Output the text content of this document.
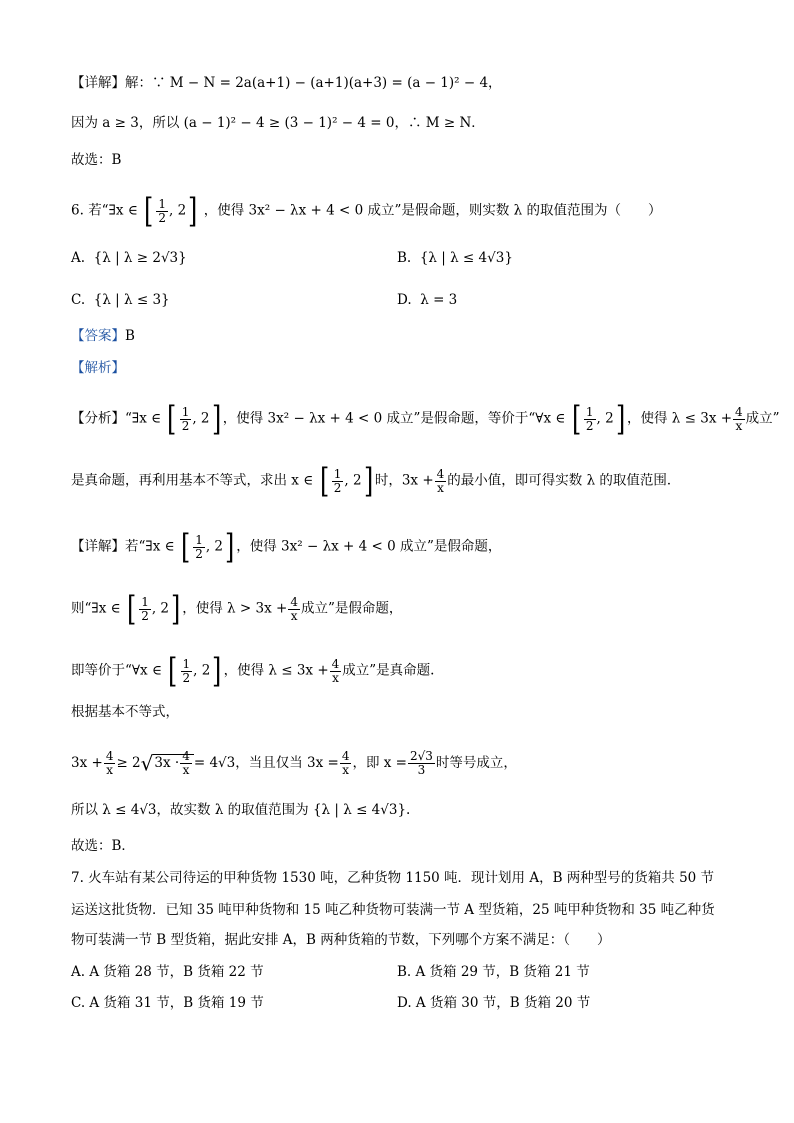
【详解】解：∵ M − N = 2a(a+1) − (a+1)(a+3) = (a − 1)² − 4，
因为 a ≥ 3，所以 (a − 1)² − 4 ≥ (3 − 1)² − 4 = 0，∴ M ≥ N．
故选：B
6. 若“∃x ∈ [ $\frac{1}{2}$ , 2] ，使得 3x² − λx + 4 < 0 成立”是假命题，则实数 λ 的取值范围为（　　）
A. {λ | λ ≥ 2√3}	B. {λ | λ ≤ 4√3}
C. {λ | λ ≤ 3}	D. λ = 3
【答案】B
【解析】
【分析】“∃x ∈ [ $\frac{1}{2}$ , 2] ，使得 3x² − λx + 4 < 0 成立”是假命题，等价于“∀x ∈ [ $\frac{1}{2}$ , 2] ，使得 $\lambda \le 3x + \frac{4}{x}$ 成立”
是真命题，再利用基本不等式，求出 x ∈ [ $\frac{1}{2}$ , 2] 时，$3x + \frac{4}{x}$ 的最小值，即可得实数 λ 的取值范围．
【详解】若“∃x ∈ [ $\frac{1}{2}$ , 2] ，使得 3x² − λx + 4 < 0 成立”是假命题，
则“∃x ∈ [ $\frac{1}{2}$ , 2] ，使得 $\lambda > 3x + \frac{4}{x}$ 成立”是假命题，
即等价于“∀x ∈ [ $\frac{1}{2}$ , 2] ，使得 $\lambda \le 3x + \frac{4}{x}$ 成立”是真命题.
根据基本不等式，
$3x + \frac{4}{x} \ge 2√3x \cdot \frac{4}{x} = 4√3$，当且仅当 $3x = \frac{4}{x}$ ，即 $x = \frac{2√3}{3}$ 时等号成立，
所以 λ ≤ 4√3，故实数 λ 的取值范围为 {λ | λ ≤ 4√3}.
故选：B．
7. 火车站有某公司待运的甲种货物 1530 吨，乙种货物 1150 吨．现计划用 A，B 两种型号的货箱共 50 节
运送这批货物．已知 35 吨甲种货物和 15 吨乙种货物可装满一节 A 型货箱，25 吨甲种货物和 35 吨乙种货
物可装满一节 B 型货箱，据此安排 A，B 两种货箱的节数，下列哪个方案不满足：（　　）
A. A 货箱 28 节，B 货箱 22 节	B. A 货箱 29 节，B 货箱 21 节
C. A 货箱 31 节，B 货箱 19 节	D. A 货箱 30 节，B 货箱 20 节
